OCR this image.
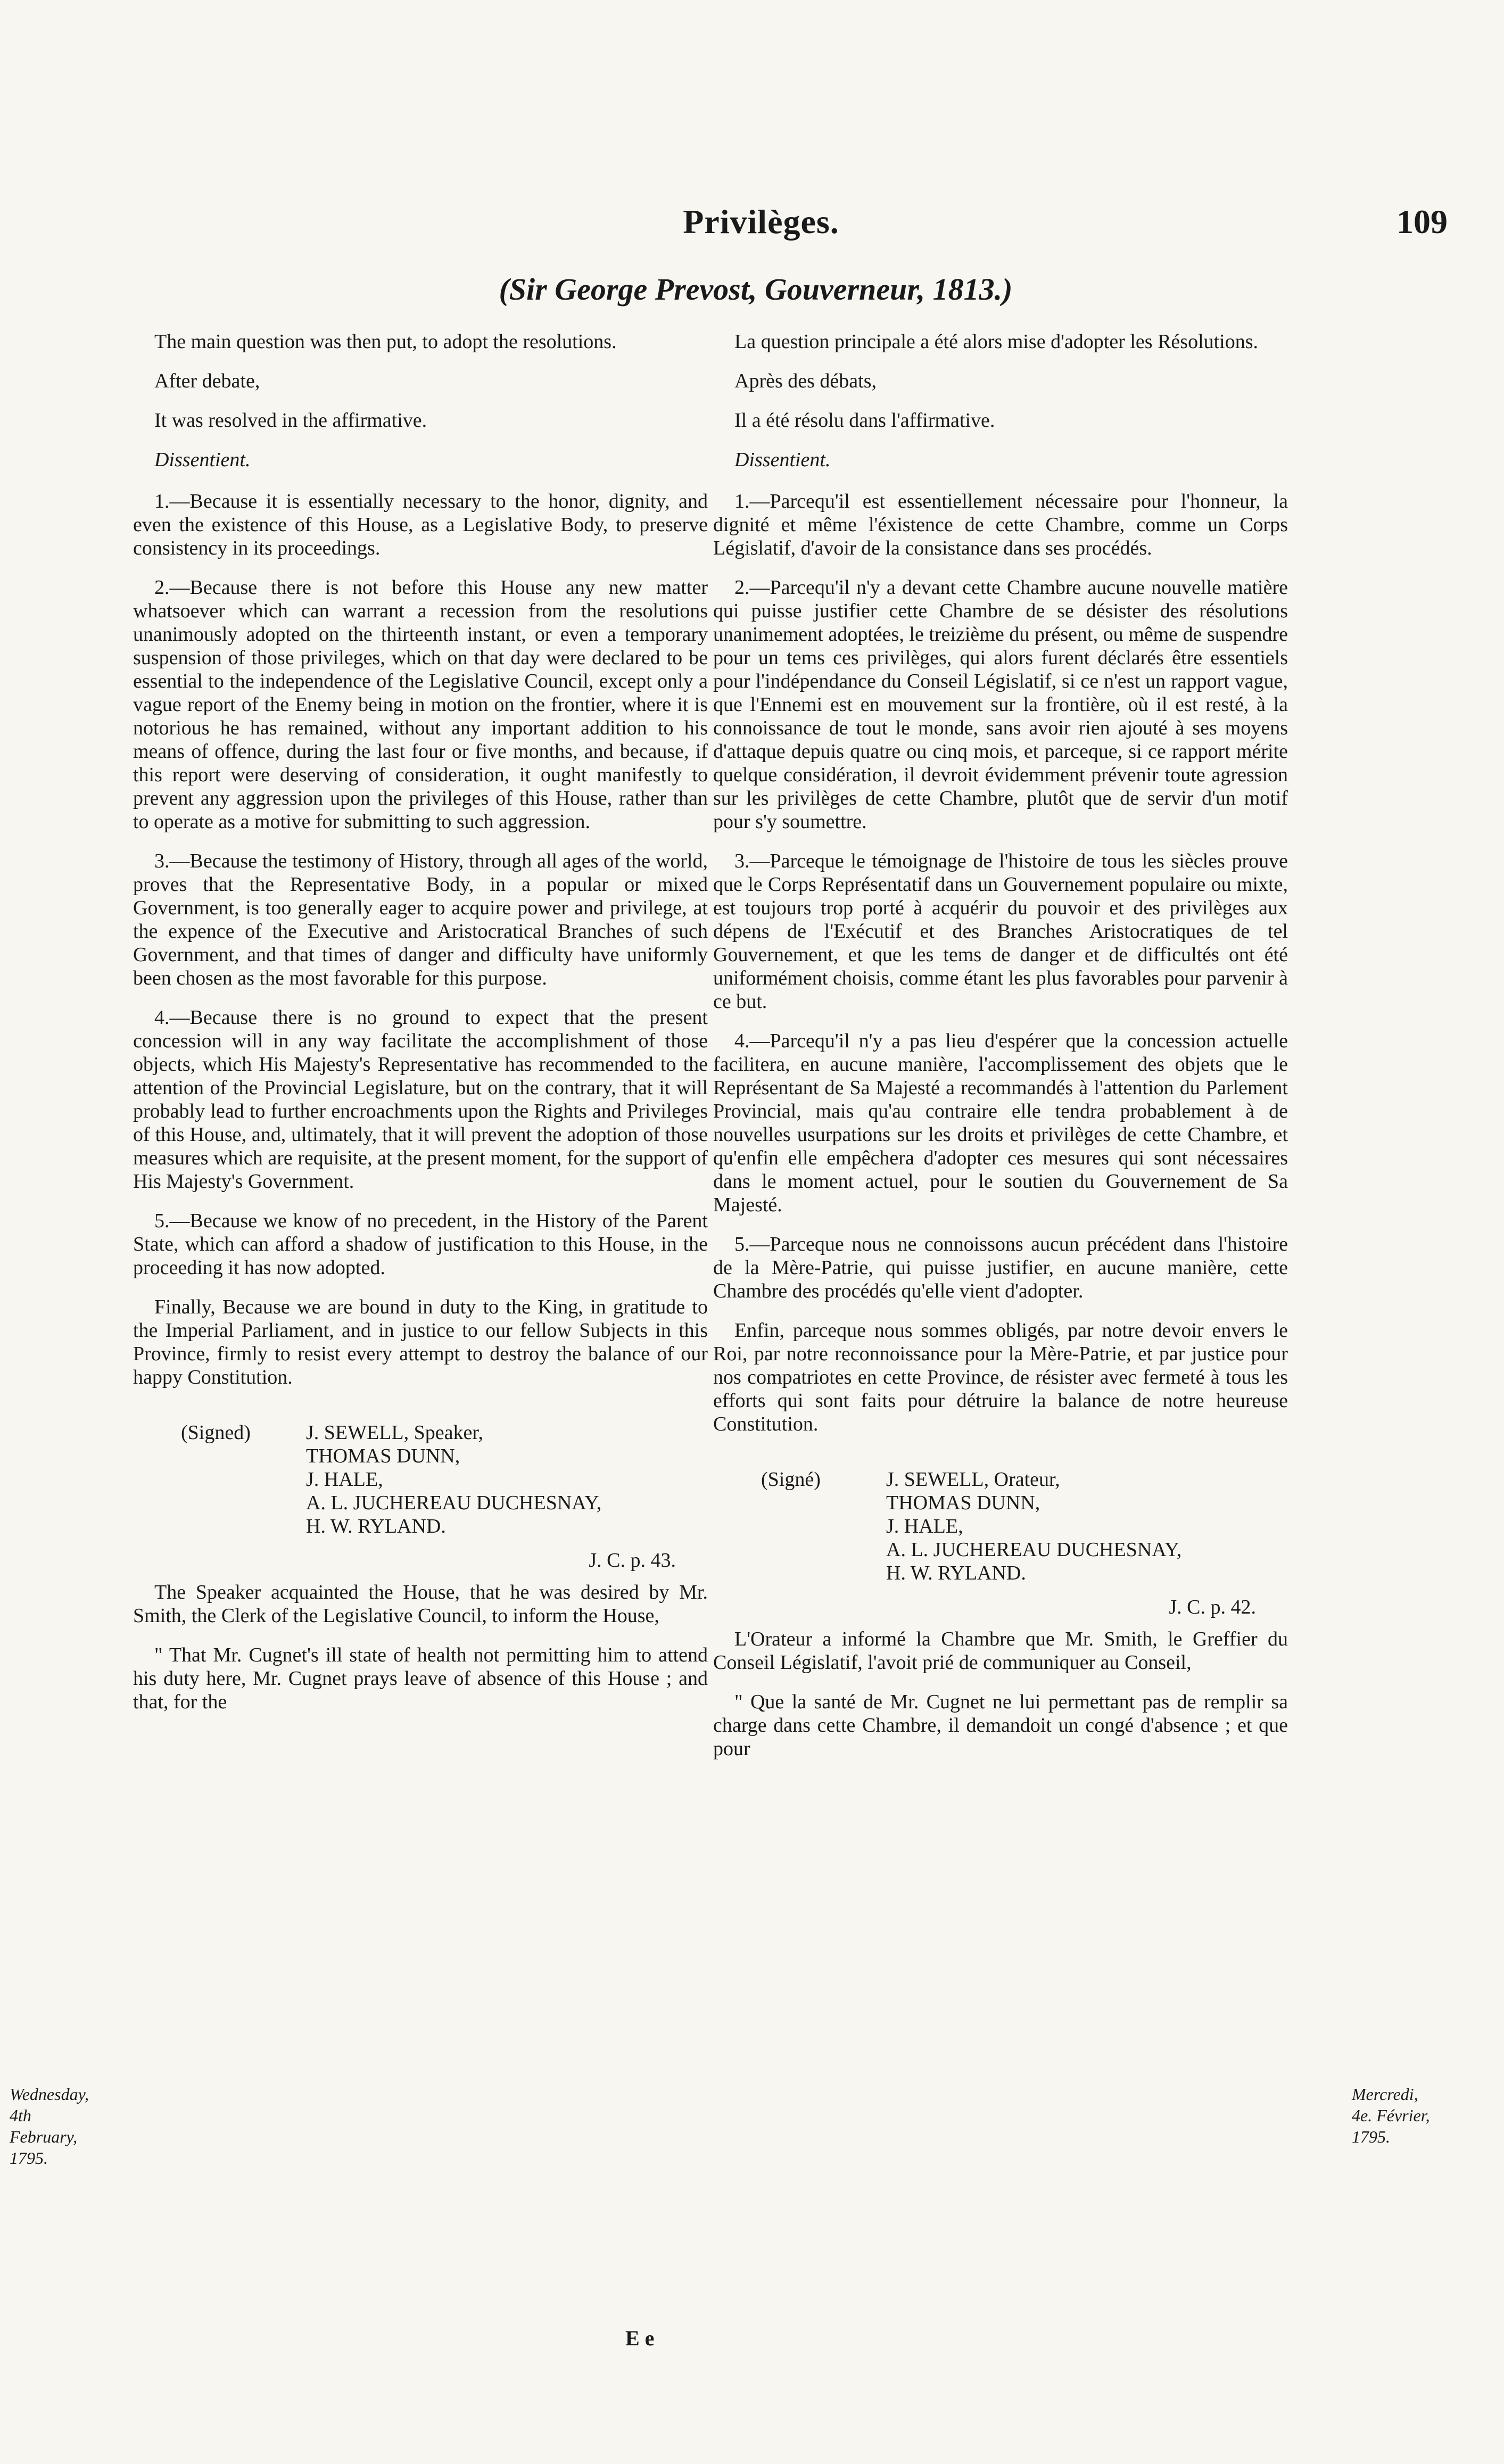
Privilèges.	109
(Sir George Prevost, Gouverneur, 1813.)

The main question was then put, to adopt the resolutions.

After debate,

It was resolved in the affirmative.

Dissentient.

1.—Because it is essentially necessary to the honor, dignity, and even the existence of this House, as a Legislative Body, to preserve consistency in its proceedings.

2.—Because there is not before this House any new matter whatsoever which can warrant a recession from the resolutions unanimously adopted on the thirteenth instant, or even a temporary suspension of those privileges, which on that day were declared to be essential to the independence of the Legislative Council, except only a vague report of the Enemy being in motion on the frontier, where it is notorious he has remained, without any important addition to his means of offence, during the last four or five months, and because, if this report were deserving of consideration, it ought manifestly to prevent any aggression upon the privileges of this House, rather than to operate as a motive for submitting to such aggression.

3.—Because the testimony of History, through all ages of the world, proves that the Representative Body, in a popular or mixed Government, is too generally eager to acquire power and privilege, at the expence of the Executive and Aristocratical Branches of such Government, and that times of danger and difficulty have uniformly been chosen as the most favorable for this purpose.

4.—Because there is no ground to expect that the present concession will in any way facilitate the accomplishment of those objects, which His Majesty's Representative has recommended to the attention of the Provincial Legislature, but on the contrary, that it will probably lead to further encroachments upon the Rights and Privileges of this House, and, ultimately, that it will prevent the adoption of those measures which are requisite, at the present moment, for the support of His Majesty's Government.

5.—Because we know of no precedent, in the History of the Parent State, which can afford a shadow of justification to this House, in the proceeding it has now adopted.

Finally, Because we are bound in duty to the King, in gratitude to the Imperial Parliament, and in justice to our fellow Subjects in this Province, firmly to resist every attempt to destroy the balance of our happy Constitution.

(Signed)	J. SEWELL, Speaker,
THOMAS DUNN,
J. HALE,
A. L. JUCHEREAU DUCHESNAY,
H. W. RYLAND.
J. C. p. 43.

The Speaker acquainted the House, that he was desired by Mr. Smith, the Clerk of the Legislative Council, to inform the House,

" That Mr. Cugnet's ill state of health not permitting him to attend his duty here, Mr. Cugnet prays leave of absence of this House ; and that, for the

La question principale a été alors mise d'adopter les Résolutions.

Après des débats,

Il a été résolu dans l'affirmative.

Dissentient.

1.—Parcequ'il est essentiellement nécessaire pour l'honneur, la dignité et même l'éxistence de cette Chambre, comme un Corps Législatif, d'avoir de la consistance dans ses procédés.

2.—Parcequ'il n'y a devant cette Chambre aucune nouvelle matière qui puisse justifier cette Chambre de se désister des résolutions unanimement adoptées, le treizième du présent, ou même de suspendre pour un tems ces privilèges, qui alors furent déclarés être essentiels pour l'indépendance du Conseil Législatif, si ce n'est un rapport vague, que l'Ennemi est en mouvement sur la frontière, où il est resté, à la connoissance de tout le monde, sans avoir rien ajouté à ses moyens d'attaque depuis quatre ou cinq mois, et parceque, si ce rapport mérite quelque considération, il devroit évidemment prévenir toute agression sur les privilèges de cette Chambre, plutôt que de servir d'un motif pour s'y soumettre.

3.—Parceque le témoignage de l'histoire de tous les siècles prouve que le Corps Représentatif dans un Gouvernement populaire ou mixte, est toujours trop porté à acquérir du pouvoir et des privilèges aux dépens de l'Exécutif et des Branches Aristocratiques de tel Gouvernement, et que les tems de danger et de difficultés ont été uniformément choisis, comme étant les plus favorables pour parvenir à ce but.

4.—Parcequ'il n'y a pas lieu d'espérer que la concession actuelle facilitera, en aucune manière, l'accomplissement des objets que le Représentant de Sa Majesté a recommandés à l'attention du Parlement Provincial, mais qu'au contraire elle tendra probablement à de nouvelles usurpations sur les droits et privilèges de cette Chambre, et qu'enfin elle empêchera d'adopter ces mesures qui sont nécessaires dans le moment actuel, pour le soutien du Gouvernement de Sa Majesté.

5.—Parceque nous ne connoissons aucun précédent dans l'histoire de la Mère-Patrie, qui puisse justifier, en aucune manière, cette Chambre des procédés qu'elle vient d'adopter.

Enfin, parceque nous sommes obligés, par notre devoir envers le Roi, par notre reconnoissance pour la Mère-Patrie, et par justice pour nos compatriotes en cette Province, de résister avec fermeté à tous les efforts qui sont faits pour détruire la balance de notre heureuse Constitution.

(Signé)	J. SEWELL, Orateur,
THOMAS DUNN,
J. HALE,
A. L. JUCHEREAU DUCHESNAY,
H. W. RYLAND.
J. C. p. 42.

L'Orateur a informé la Chambre que Mr. Smith, le Greffier du Conseil Législatif, l'avoit prié de communiquer au Conseil,

" Que la santé de Mr. Cugnet ne lui permettant pas de remplir sa charge dans cette Chambre, il demandoit un congé d'absence ; et que pour

Wednesday, 4th February, 1795.
Mercredi, 4e. Février, 1795.
E e
